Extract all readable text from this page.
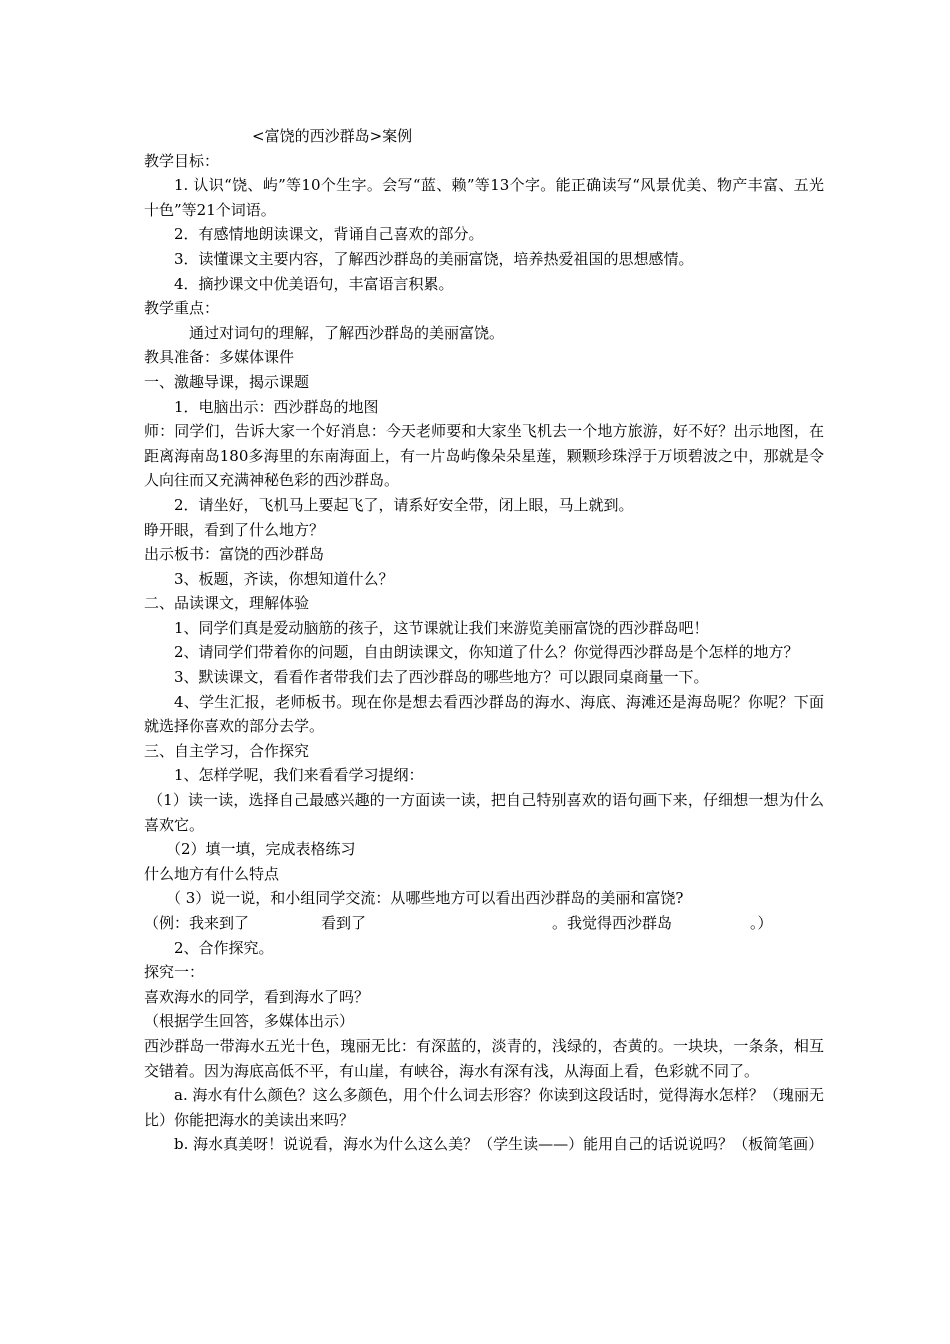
<富饶的西沙群岛>案例
教学目标：
1. 认识“饶、屿”等10个生字。会写“蓝、赖”等13个字。能正确读写“风景优美、物产丰富、五光十色”等21个词语。
2．有感情地朗读课文，背诵自己喜欢的部分。
3．读懂课文主要内容，了解西沙群岛的美丽富饶，培养热爱祖国的思想感情。
4．摘抄课文中优美语句，丰富语言积累。
教学重点：
通过对词句的理解，了解西沙群岛的美丽富饶。
教具准备：多媒体课件
一、激趣导课，揭示课题
1．电脑出示：西沙群岛的地图
师：同学们，告诉大家一个好消息：今天老师要和大家坐飞机去一个地方旅游，好不好？出示地图，在距离海南岛180多海里的东南海面上，有一片岛屿像朵朵星莲，颗颗珍珠浮于万顷碧波之中，那就是令人向往而又充满神秘色彩的西沙群岛。
2．请坐好，飞机马上要起飞了，请系好安全带，闭上眼，马上就到。
睁开眼，看到了什么地方？
出示板书：富饶的西沙群岛
3、板题，齐读，你想知道什么？
二、品读课文，理解体验
1、同学们真是爱动脑筋的孩子，这节课就让我们来游览美丽富饶的西沙群岛吧！
2、请同学们带着你的问题，自由朗读课文，你知道了什么？你觉得西沙群岛是个怎样的地方？
3、默读课文，看看作者带我们去了西沙群岛的哪些地方？可以跟同桌商量一下。
4、学生汇报，老师板书。现在你是想去看西沙群岛的海水、海底、海滩还是海岛呢？你呢？下面就选择你喜欢的部分去学。
三、自主学习，合作探究
1、怎样学呢，我们来看看学习提纲：
（1）读一读，选择自己最感兴趣的一方面读一读，把自己特别喜欢的语句画下来，仔细想一想为什么喜欢它。
（2）填一填，完成表格练习
什么地方有什么特点
（ 3）说一说，和小组同学交流：从哪些地方可以看出西沙群岛的美丽和富饶?
（例：我来到了	看到了	。我觉得西沙群岛	。）
2、合作探究。
探究一：
喜欢海水的同学，看到海水了吗？
（根据学生回答，多媒体出示）
西沙群岛一带海水五光十色，瑰丽无比：有深蓝的，淡青的，浅绿的，杏黄的。一块块，一条条，相互交错着。因为海底高低不平，有山崖，有峡谷，海水有深有浅，从海面上看，色彩就不同了。
a. 海水有什么颜色？这么多颜色，用个什么词去形容？你读到这段话时，觉得海水怎样？（瑰丽无比）你能把海水的美读出来吗？
b. 海水真美呀！说说看，海水为什么这么美？（学生读——）能用自己的话说说吗？（板简笔画）
